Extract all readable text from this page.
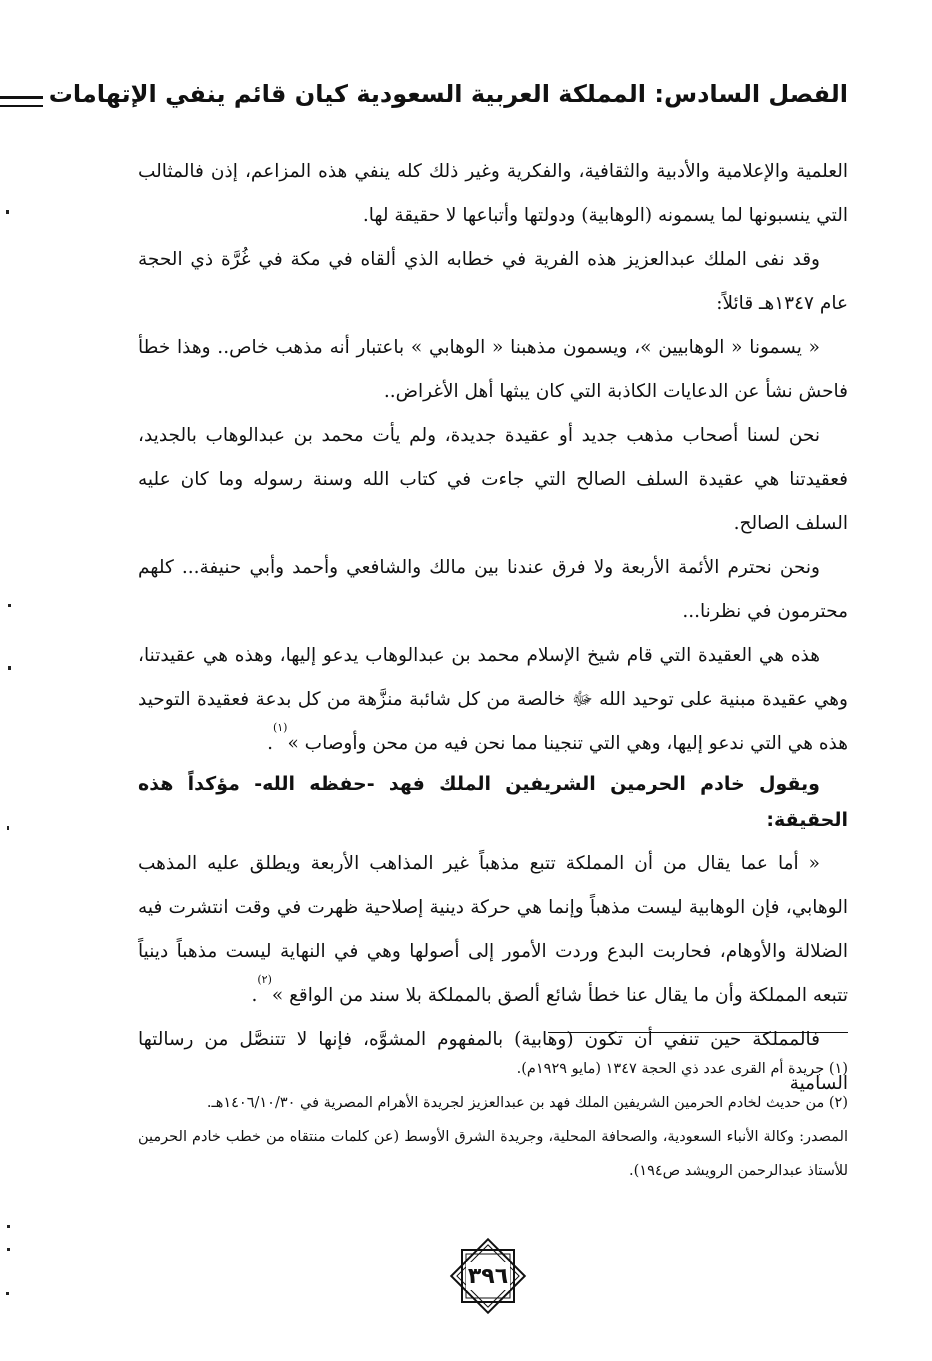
الفصل السادس: المملكة العربية السعودية كيان قائم ينفي الإتهامات

العلمية والإعلامية والأدبية والثقافية، والفكرية وغير ذلك كله ينفي هذه المزاعم، إذن فالمثالب التي ينسبونها لما يسمونه (الوهابية) ودولتها وأتباعها لا حقيقة لها.

وقد نفى الملك عبدالعزيز هذه الفرية في خطابه الذي ألقاه في مكة في غُرَّة ذي الحجة عام ١٣٤٧هـ قائلاً:

« يسمونا « الوهابيين »، ويسمون مذهبنا « الوهابي » باعتبار أنه مذهب خاص.. وهذا خطأ فاحش نشأ عن الدعايات الكاذبة التي كان يبثها أهل الأغراض..

نحن لسنا أصحاب مذهب جديد أو عقيدة جديدة، ولم يأت محمد بن عبدالوهاب بالجديد، فعقيدتنا هي عقيدة السلف الصالح التي جاءت في كتاب الله وسنة رسوله وما كان عليه السلف الصالح.

ونحن نحترم الأئمة الأربعة ولا فرق عندنا بين مالك والشافعي وأحمد وأبي حنيفة... كلهم محترمون في نظرنا...

هذه هي العقيدة التي قام شيخ الإسلام محمد بن عبدالوهاب يدعو إليها، وهذه هي عقيدتنا، وهي عقيدة مبنية على توحيد الله ﷻ خالصة من كل شائبة منزَّهة من كل بدعة فعقيدة التوحيد هذه هي التي ندعو إليها، وهي التي تنجينا مما نحن فيه من محن وأوصاب »$^{(١)}$.

ويقول خادم الحرمين الشريفين الملك فهد -حفظه الله- مؤكداً هذه الحقيقة:

« أما عما يقال من أن المملكة تتبع مذهباً غير المذاهب الأربعة ويطلق عليه المذهب الوهابي، فإن الوهابية ليست مذهباً وإنما هي حركة دينية إصلاحية ظهرت في وقت انتشرت فيه الضلالة والأوهام، فحاربت البدع وردت الأمور إلى أصولها وهي في النهاية ليست مذهباً دينياً تتبعه المملكة وأن ما يقال عنا خطأ شائع ألصق بالمملكة بلا سند من الواقع »$^{(٢)}$.

فالمملكة حين تنفي أن تكون (وهابية) بالمفهوم المشوَّه، فإنها لا تتنصَّل من رسالتها السامية

(١) جريدة أم القرى عدد ذي الحجة ١٣٤٧ (مايو ١٩٢٩م).

(٢) من حديث لخادم الحرمين الشريفين الملك فهد بن عبدالعزيز لجريدة الأهرام المصرية في ١٤٠٦/١٠/٣٠هـ.

المصدر: وكالة الأنباء السعودية، والصحافة المحلية، وجريدة الشرق الأوسط (عن كلمات منتقاه من خطب خادم الحرمين للأستاذ عبدالرحمن الرويشد ص١٩٤).

٣٩٦
